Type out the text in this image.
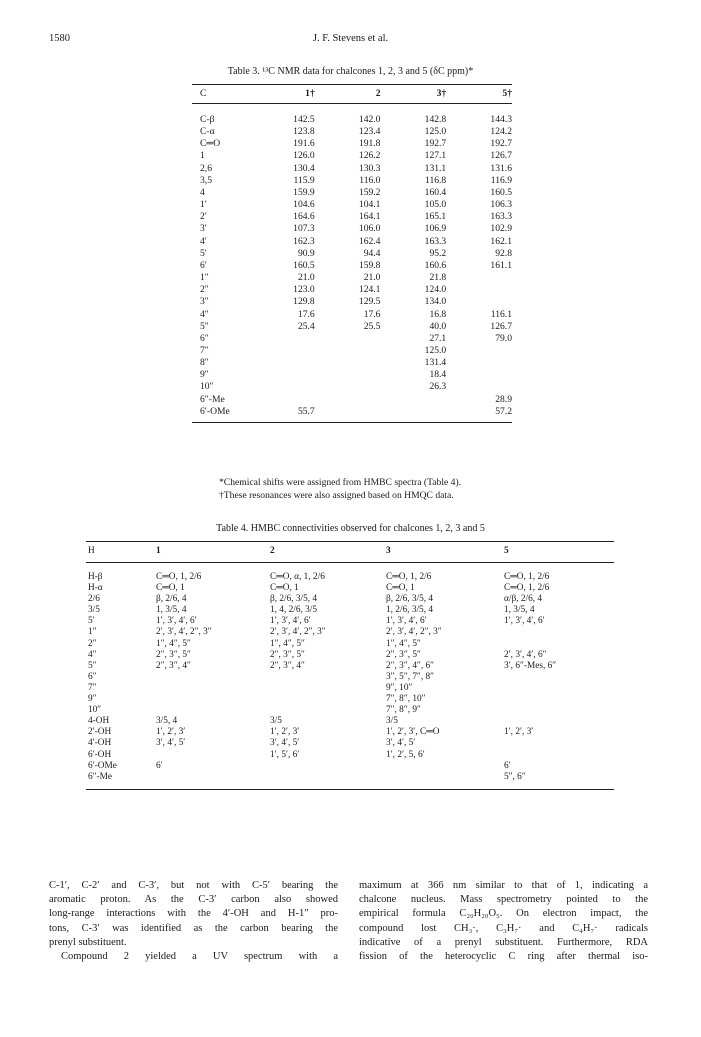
1580	J. F. Stevens et al.
Table 3. ¹³C NMR data for chalcones 1, 2, 3 and 5 (δC ppm)*
C	1†	2	3†	5†
C-β	142.5	142.0	142.8	144.3
C-α	123.8	123.4	125.0	124.2
C═O	191.6	191.8	192.7	192.7
1	126.0	126.2	127.1	126.7
2,6	130.4	130.3	131.1	131.6
3,5	115.9	116.0	116.8	116.9
4	159.9	159.2	160.4	160.5
1′	104.6	104.1	105.0	106.3
2′	164.6	164.1	165.1	163.3
3′	107.3	106.0	106.9	102.9
4′	162.3	162.4	163.3	162.1
5′	90.9	94.4	95.2	92.8
6′	160.5	159.8	160.6	161.1
1″	21.0	21.0	21.8	
2″	123.0	124.1	124.0	
3″	129.8	129.5	134.0	
4″	17.6	17.6	16.8	116.1
5″	25.4	25.5	40.0	126.7
6″			27.1	79.0
7″			125.0	
8″			131.4	
9″			18.4	
10″			26.3	
6″-Me				28.9
6′-OMe	55.7			57.2
*Chemical shifts were assigned from HMBC spectra (Table 4).
†These resonances were also assigned based on HMQC data.
Table 4. HMBC connectivities observed for chalcones 1, 2, 3 and 5
H	1	2	3	5
H-β	C═O, 1, 2/6	C═O, α, 1, 2/6	C═O, 1, 2/6	C═O, 1, 2/6
H-α	C═O, 1	C═O, 1	C═O, 1	C═O, 1, 2/6
2/6	β, 2/6, 4	β, 2/6, 3/5, 4	β, 2/6, 3/5, 4	α/β, 2/6, 4
3/5	1, 3/5, 4	1, 4, 2/6, 3/5	1, 2/6, 3/5, 4	1, 3/5, 4
5′	1′, 3′, 4′, 6′	1′, 3′, 4′, 6′	1′, 3′, 4′, 6′	1′, 3′, 4′, 6′
1″	2′, 3′, 4′, 2″, 3″	2′, 3′, 4′, 2″, 3″	2′, 3′, 4′, 2″, 3″	
2″	1″, 4″, 5″	1″, 4″, 5″	1″, 4″, 5″	
4″	2″, 3″, 5″	2″, 3″, 5″	2″, 3″, 5″	2′, 3′, 4′, 6″
5″	2″, 3″, 4″	2″, 3″, 4″	2″, 3″, 4″, 6″	3′, 6″-Mes, 6″
6″			3″, 5″, 7″, 8″	
7″			9″, 10″	
9″			7″, 8″, 10″	
10″			7″, 8″, 9″	
4-OH	3/5, 4	3/5	3/5	
2′-OH	1′, 2′, 3′	1′, 2′, 3′	1′, 2′, 3′, C═O	1′, 2′, 3′
4′-OH	3′, 4′, 5′	3′, 4′, 5′	3′, 4′, 5′	
6′-OH		1′, 5′, 6′	1′, 2′, 5, 6′	
6′-OMe	6′			6′
6″-Me				5″, 6″
C-1′, C-2′ and C-3′, but not with C-5′ bearing the
aromatic proton. As the C-3′ carbon also showed
long-range interactions with the 4′-OH and H-1″ pro-
tons, C-3′ was identified as the carbon bearing the
prenyl substituent.
Compound 2 yielded a UV spectrum with a
maximum at 366 nm similar to that of 1, indicating a
chalcone nucleus. Mass spectrometry pointed to the
empirical formula C₂₀H₂₀O₅. On electron impact, the
compound lost CH₃·, C₃H₇· and C₄H₇· radicals
indicative of a prenyl substituent. Furthermore, RDA
fission of the heterocyclic C ring after thermal iso-
